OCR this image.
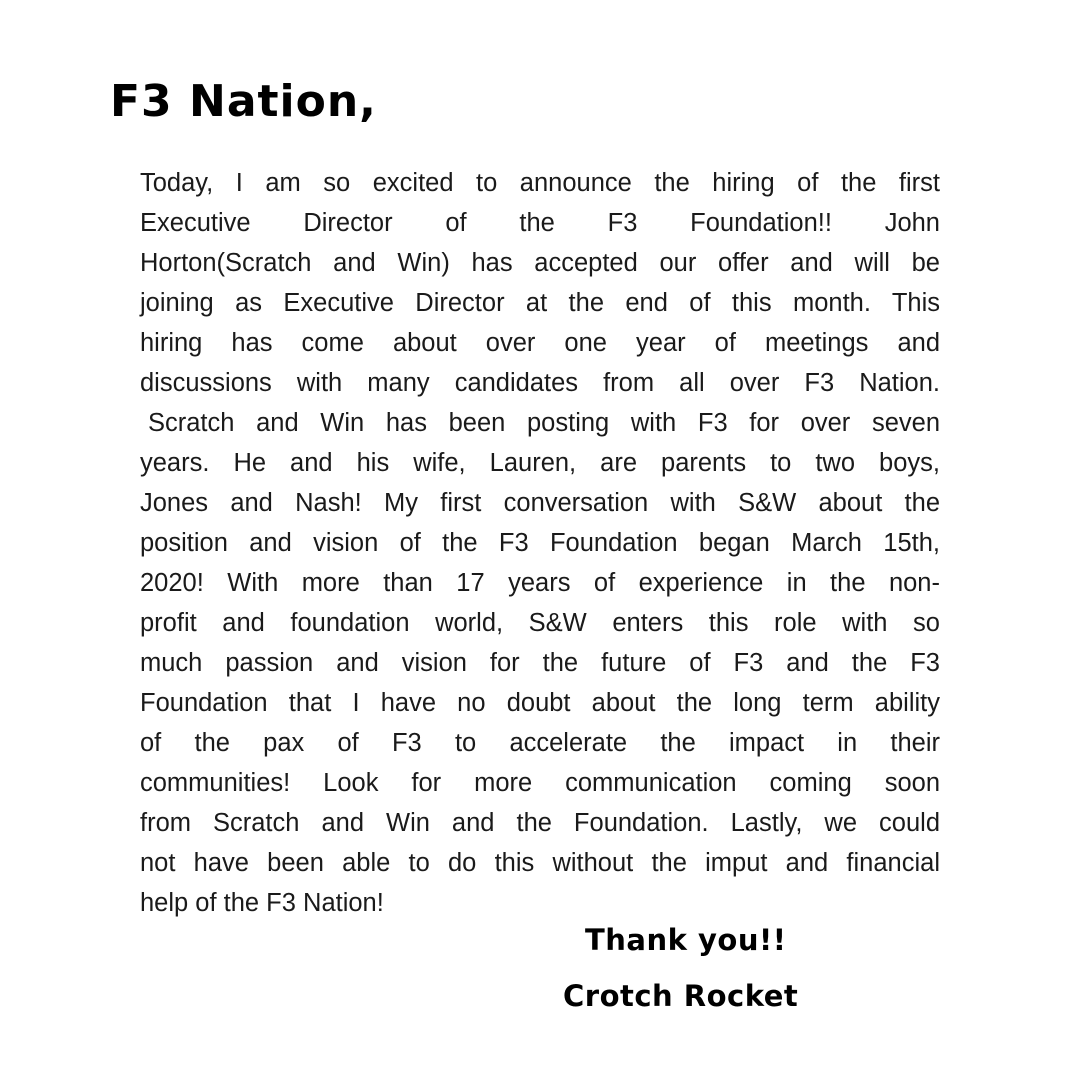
F3 Nation,
Today, I am so excited to announce the hiring of the first
Executive Director of the F3 Foundation!! John
Horton(Scratch and Win) has accepted our offer and will be
joining as Executive Director at the end of this month. This
hiring has come about over one year of meetings and
discussions with many candidates from all over F3 Nation.
Scratch and Win has been posting with F3 for over seven
years. He and his wife, Lauren, are parents to two boys,
Jones and Nash! My first conversation with S&W about the
position and vision of the F3 Foundation began March 15th,
2020! With more than 17 years of experience in the non-
profit and foundation world, S&W enters this role with so
much passion and vision for the future of F3 and the F3
Foundation that I have no doubt about the long term ability
of the pax of F3 to accelerate the impact in their
communities! Look for more communication coming soon
from Scratch and Win and the Foundation. Lastly, we could
not have been able to do this without the imput and financial
help of the F3 Nation!
Thank you!!
Crotch Rocket
